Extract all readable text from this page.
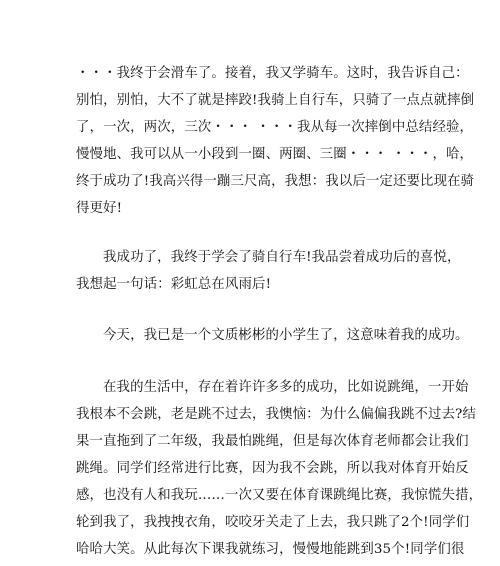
・・・我终于会滑车了。接着，我又学骑车。这时，我告诉自己：
别怕，别怕，大不了就是摔跤!我骑上自行车，只骑了一点点就摔倒
了，一次，两次，三次・・・ ・・・我从每一次摔倒中总结经验，
慢慢地、我可以从一小段到一圈、两圈、三圈・・・ ・・・，哈，
终于成功了!我高兴得一蹦三尺高，我想：我以后一定还要比现在骑
得更好!
我成功了，我终于学会了骑自行车!我品尝着成功后的喜悦，
我想起一句话：彩虹总在风雨后!
今天，我已是一个文质彬彬的小学生了，这意味着我的成功。
在我的生活中，存在着许许多多的成功，比如说跳绳，一开始
我根本不会跳，老是跳不过去，我懊恼：为什么偏偏我跳不过去?结
果一直拖到了二年级，我最怕跳绳，但是每次体育老师都会让我们
跳绳。同学们经常进行比赛，因为我不会跳，所以我对体育开始反
感，也没有人和我玩……一次又要在体育课跳绳比赛，我惊慌失措，
轮到我了，我拽拽衣角，咬咬牙关走了上去，我只跳了2个!同学们
哈哈大笑。从此每次下课我就练习，慢慢地能跳到35个!同学们很
